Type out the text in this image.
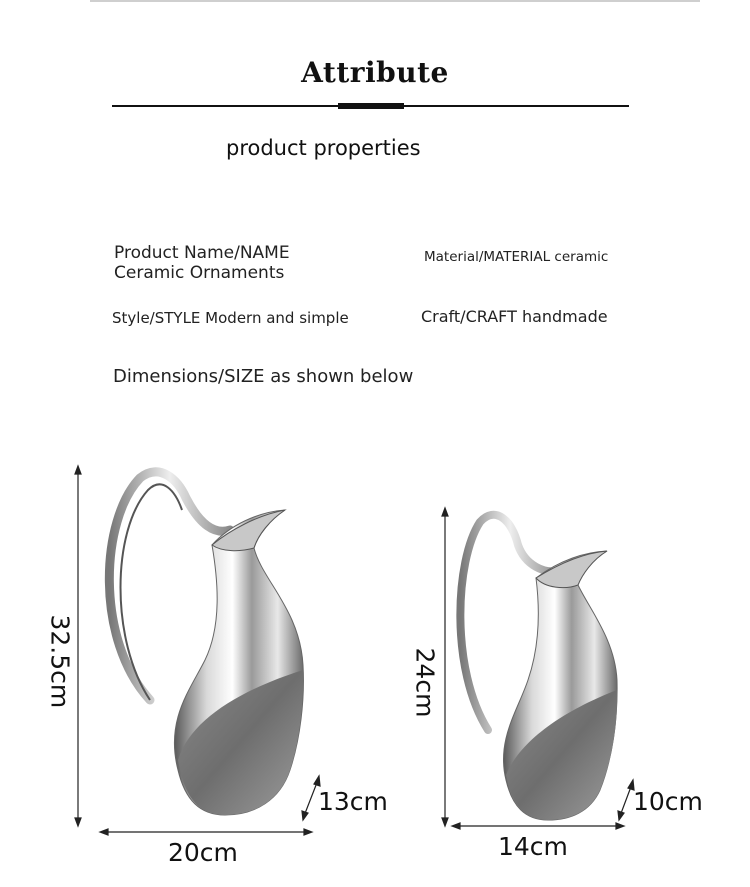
Attribute
product properties
Product Name/NAME
Ceramic Ornaments
Material/MATERIAL ceramic
Style/STYLE Modern and simple	Craft/CRAFT handmade
Dimensions/SIZE as shown below
32.5cm
13cm
20cm
24cm
10cm
14cm
